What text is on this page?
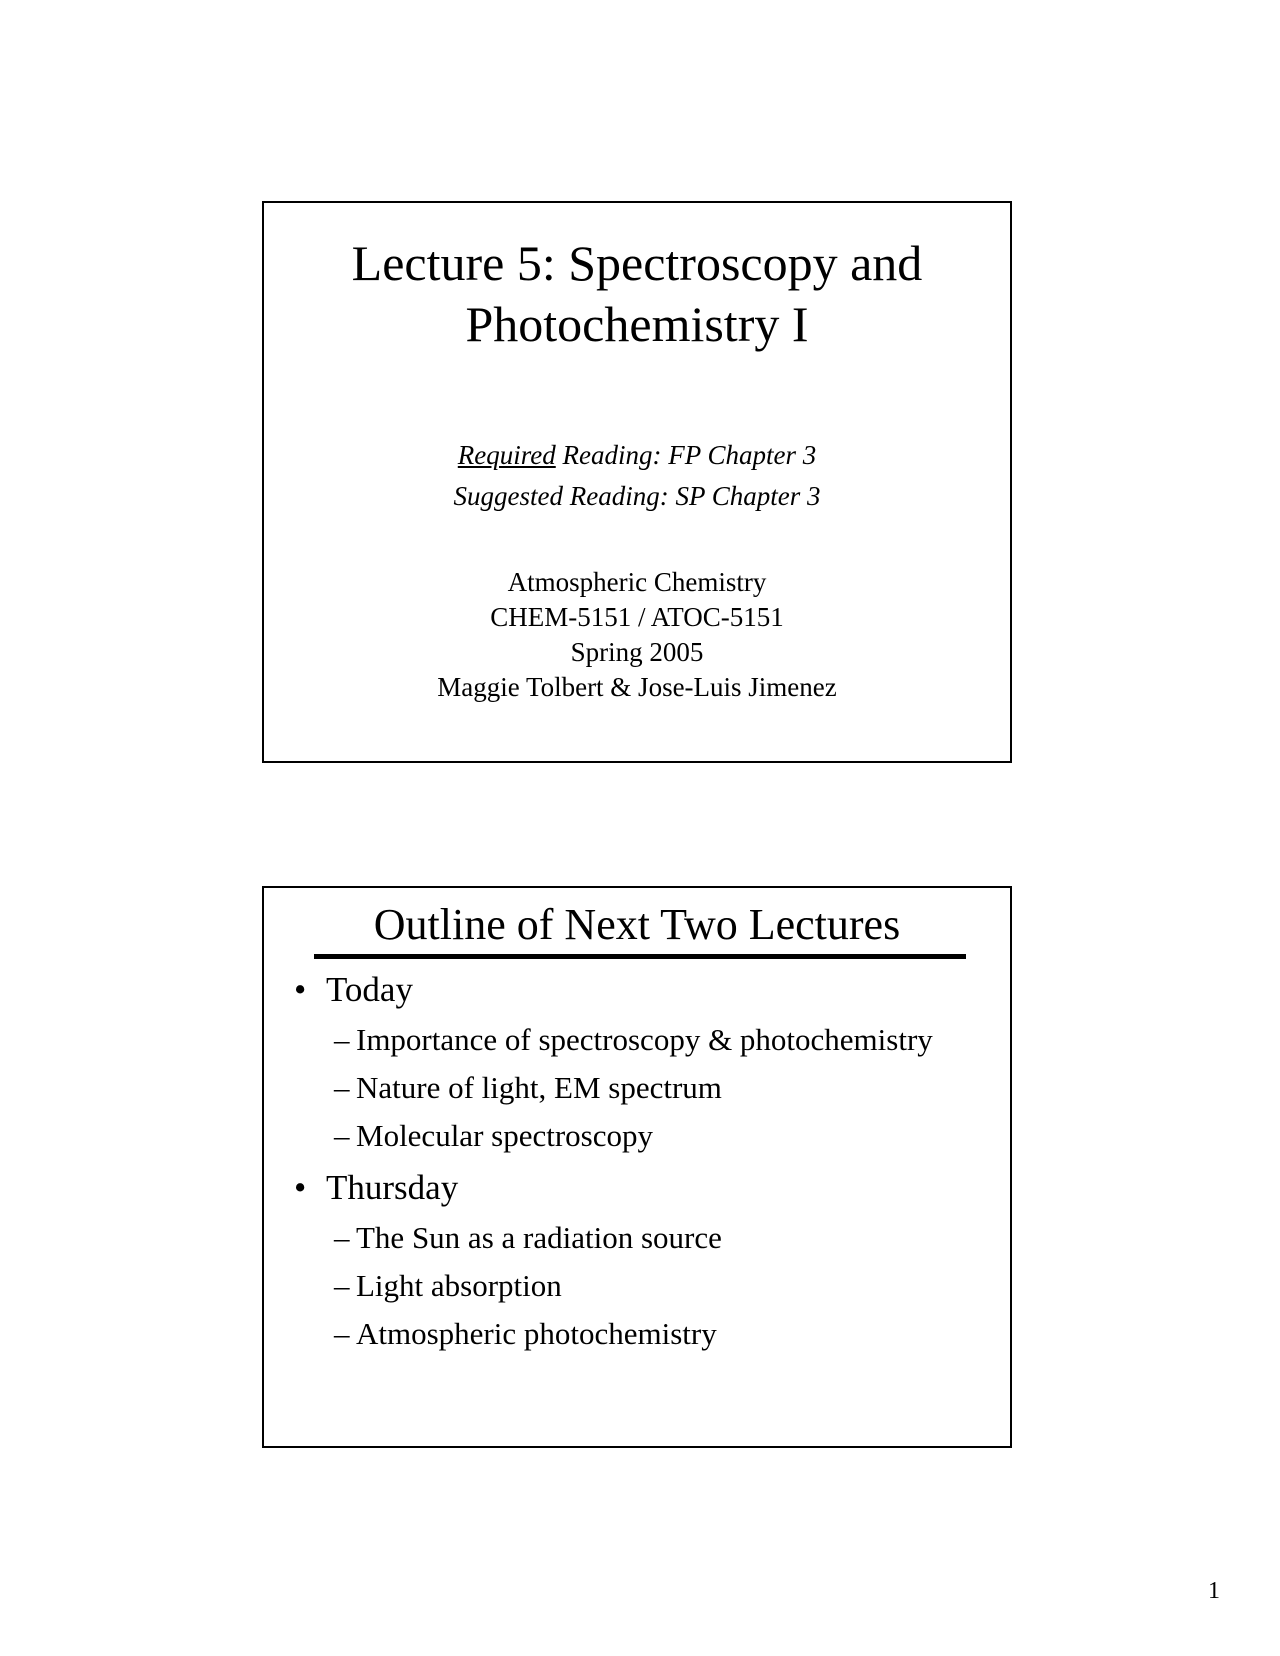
Lecture 5: Spectroscopy and
Photochemistry I
Required Reading: FP Chapter 3
Suggested Reading: SP Chapter 3
Atmospheric Chemistry
CHEM-5151 / ATOC-5151
Spring 2005
Maggie Tolbert & Jose-Luis Jimenez
Outline of Next Two Lectures
• Today
– Importance of spectroscopy & photochemistry
– Nature of light, EM spectrum
– Molecular spectroscopy
• Thursday
– The Sun as a radiation source
– Light absorption
– Atmospheric photochemistry
1
